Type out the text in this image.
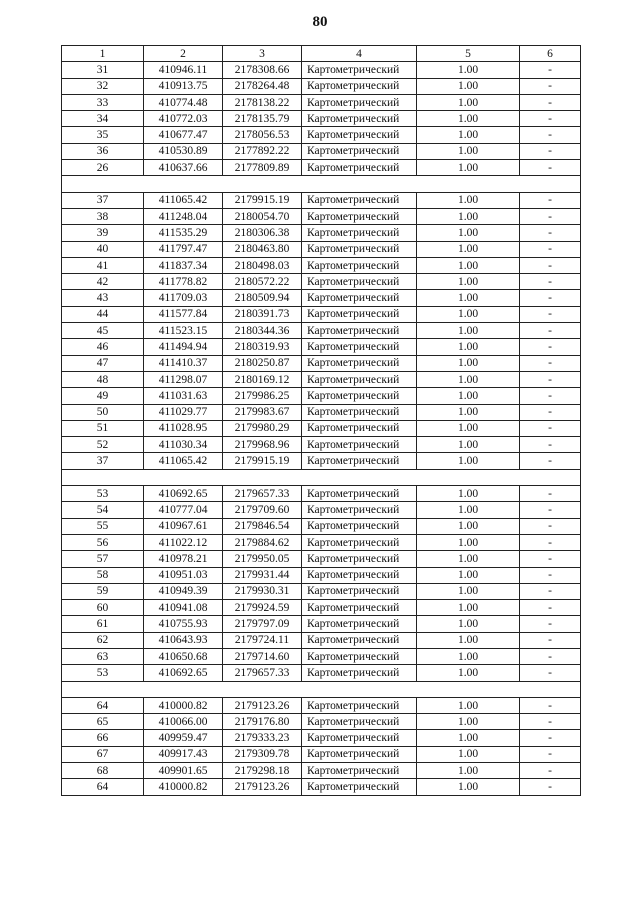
80
1	2	3	4	5	6
31	410946.11	2178308.66	Картометрический	1.00	-
32	410913.75	2178264.48	Картометрический	1.00	-
33	410774.48	2178138.22	Картометрический	1.00	-
34	410772.03	2178135.79	Картометрический	1.00	-
35	410677.47	2178056.53	Картометрический	1.00	-
36	410530.89	2177892.22	Картометрический	1.00	-
26	410637.66	2177809.89	Картометрический	1.00	-

37	411065.42	2179915.19	Картометрический	1.00	-
38	411248.04	2180054.70	Картометрический	1.00	-
39	411535.29	2180306.38	Картометрический	1.00	-
40	411797.47	2180463.80	Картометрический	1.00	-
41	411837.34	2180498.03	Картометрический	1.00	-
42	411778.82	2180572.22	Картометрический	1.00	-
43	411709.03	2180509.94	Картометрический	1.00	-
44	411577.84	2180391.73	Картометрический	1.00	-
45	411523.15	2180344.36	Картометрический	1.00	-
46	411494.94	2180319.93	Картометрический	1.00	-
47	411410.37	2180250.87	Картометрический	1.00	-
48	411298.07	2180169.12	Картометрический	1.00	-
49	411031.63	2179986.25	Картометрический	1.00	-
50	411029.77	2179983.67	Картометрический	1.00	-
51	411028.95	2179980.29	Картометрический	1.00	-
52	411030.34	2179968.96	Картометрический	1.00	-
37	411065.42	2179915.19	Картометрический	1.00	-

53	410692.65	2179657.33	Картометрический	1.00	-
54	410777.04	2179709.60	Картометрический	1.00	-
55	410967.61	2179846.54	Картометрический	1.00	-
56	411022.12	2179884.62	Картометрический	1.00	-
57	410978.21	2179950.05	Картометрический	1.00	-
58	410951.03	2179931.44	Картометрический	1.00	-
59	410949.39	2179930.31	Картометрический	1.00	-
60	410941.08	2179924.59	Картометрический	1.00	-
61	410755.93	2179797.09	Картометрический	1.00	-
62	410643.93	2179724.11	Картометрический	1.00	-
63	410650.68	2179714.60	Картометрический	1.00	-
53	410692.65	2179657.33	Картометрический	1.00	-

64	410000.82	2179123.26	Картометрический	1.00	-
65	410066.00	2179176.80	Картометрический	1.00	-
66	409959.47	2179333.23	Картометрический	1.00	-
67	409917.43	2179309.78	Картометрический	1.00	-
68	409901.65	2179298.18	Картометрический	1.00	-
64	410000.82	2179123.26	Картометрический	1.00	-
